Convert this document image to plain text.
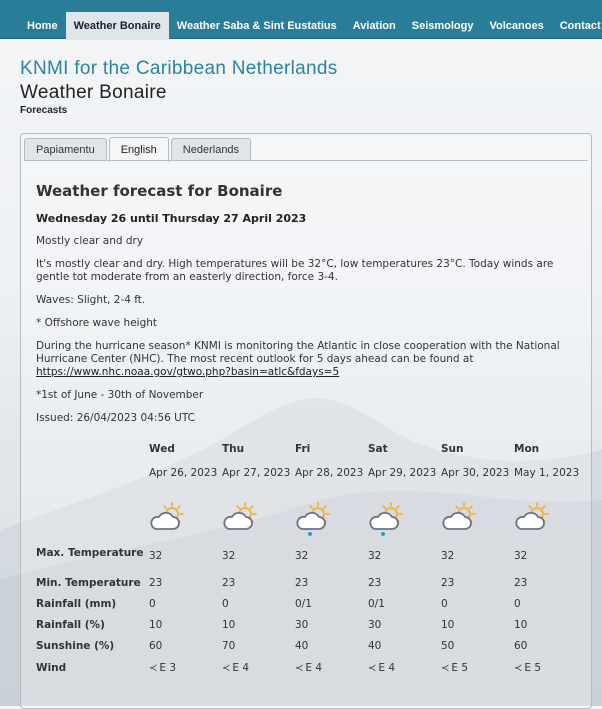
Home	Weather Bonaire	Weather Saba & Sint Eustatius	Aviation	Seismology	Volcanoes	Contact
KNMI for the Caribbean Netherlands
Weather Bonaire
Forecasts
Papiamentu	English	Nederlands
Weather forecast for Bonaire
Wednesday 26 until Thursday 27 April 2023

Mostly clear and dry

It's mostly clear and dry. High temperatures will be 32°C, low temperatures 23°C. Today winds are gentle tot moderate from an easterly direction, force 3-4.

Waves: Slight, 2-4 ft.

* Offshore wave height

During the hurricane season* KNMI is monitoring the Atlantic in close cooperation with the National Hurricane Center (NHC). The most recent outlook for 5 days ahead can be found at https://www.nhc.noaa.gov/gtwo.php?basin=atlc&fdays=5

*1st of June - 30th of November

Issued: 26/04/2023 04:56 UTC

	Wed	Thu	Fri	Sat	Sun	Mon
	Apr 26, 2023	Apr 27, 2023	Apr 28, 2023	Apr 29, 2023	Apr 30, 2023	May 1, 2023

Max. Temperature	32	32	32	32	32	32
Min. Temperature	23	23	23	23	23	23
Rainfall (mm)	0	0	0/1	0/1	0	0
Rainfall (%)	10	10	30	30	10	10
Sunshine (%)	60	70	40	40	50	60
Wind	≺ E 3	≺ E 4	≺ E 4	≺ E 4	≺ E 5	≺ E 5
